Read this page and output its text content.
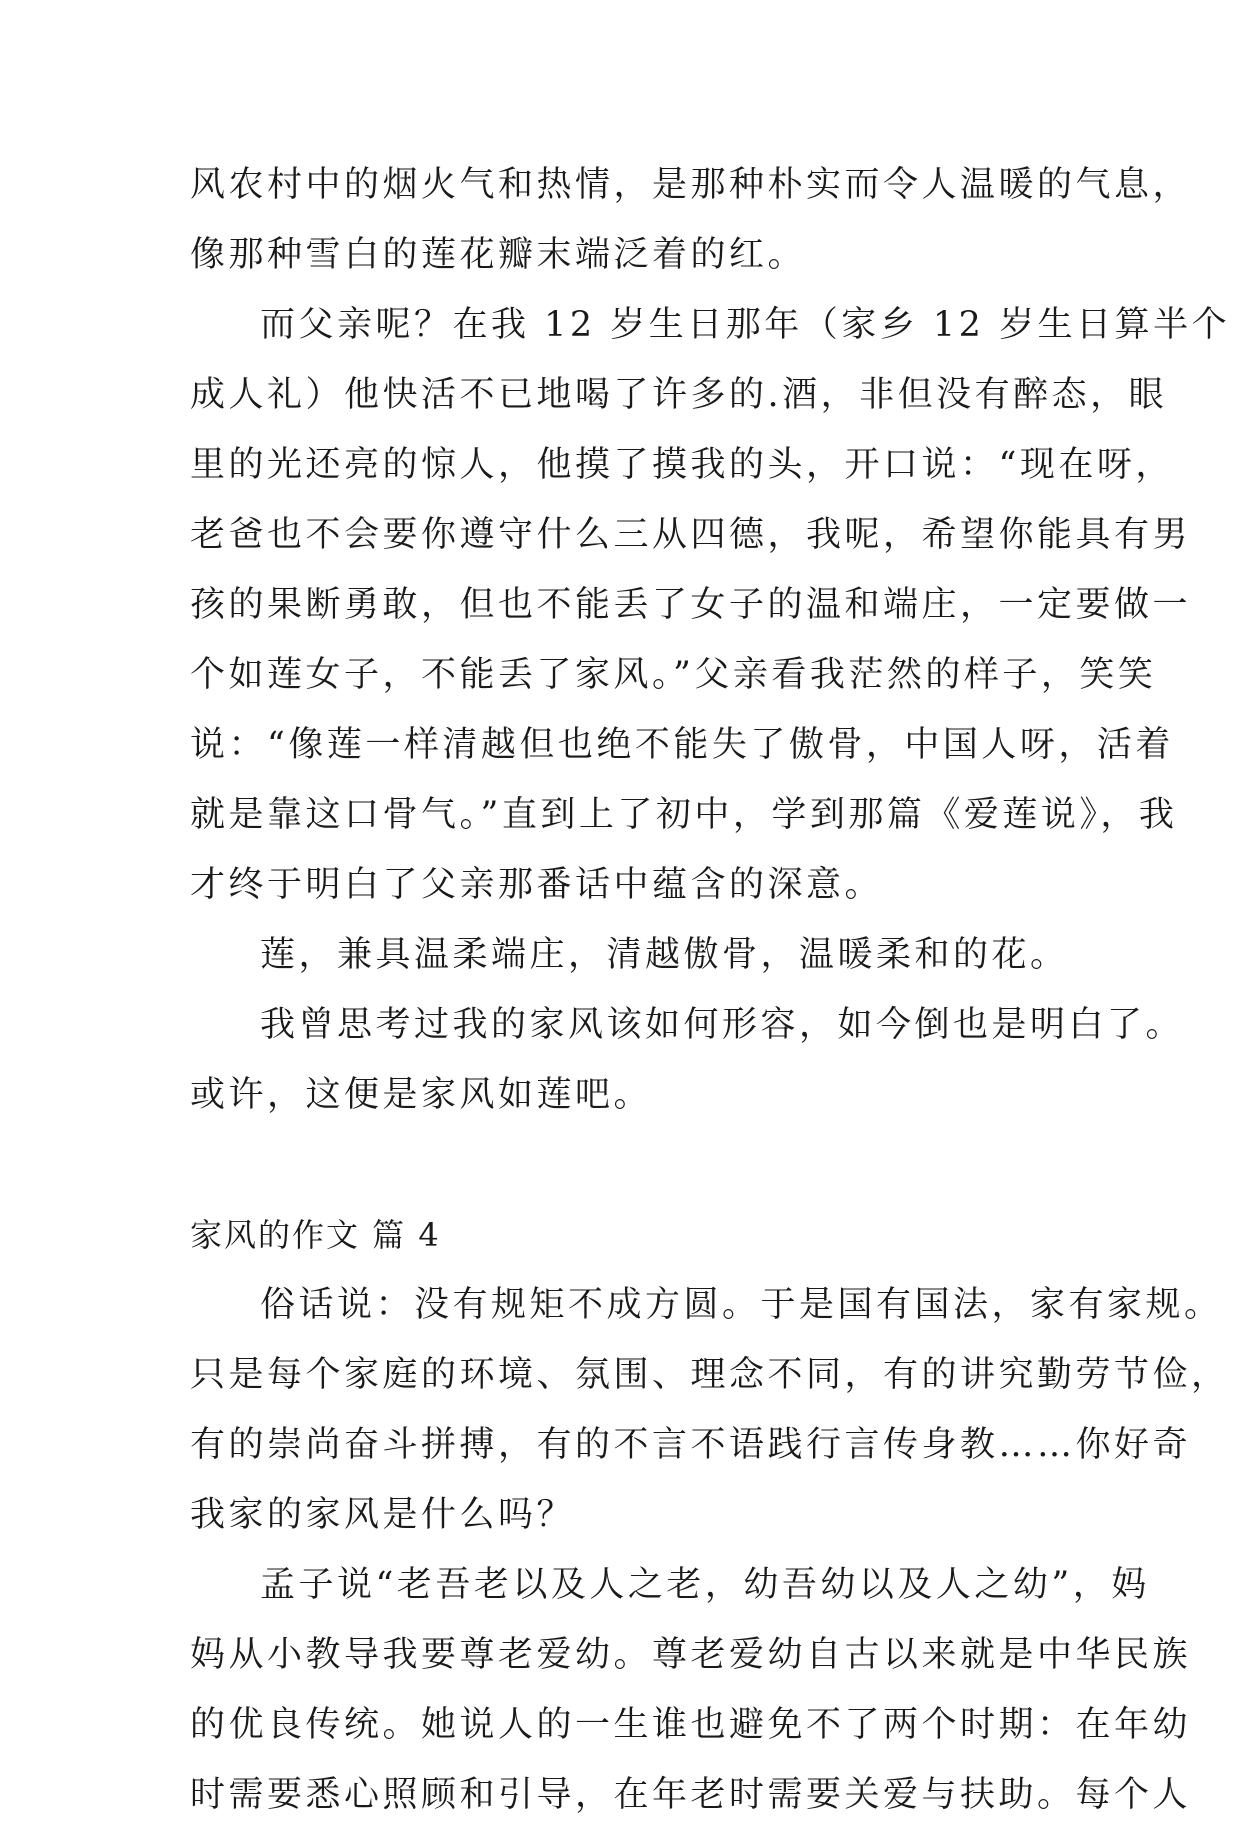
风农村中的烟火气和热情，是那种朴实而令人温暖的气息，
像那种雪白的莲花瓣末端泛着的红。
而父亲呢？在我 12 岁生日那年（家乡 12 岁生日算半个
成人礼）他快活不已地喝了许多的.酒，非但没有醉态，眼
里的光还亮的惊人，他摸了摸我的头，开口说：“现在呀，
老爸也不会要你遵守什么三从四德，我呢，希望你能具有男
孩的果断勇敢，但也不能丢了女子的温和端庄，一定要做一
个如莲女子，不能丢了家风。”父亲看我茫然的样子，笑笑
说：“像莲一样清越但也绝不能失了傲骨，中国人呀，活着
就是靠这口骨气。”直到上了初中，学到那篇《爱莲说》，我
才终于明白了父亲那番话中蕴含的深意。
莲，兼具温柔端庄，清越傲骨，温暖柔和的花。
我曾思考过我的家风该如何形容，如今倒也是明白了。
或许，这便是家风如莲吧。
家风的作文 篇 4
俗话说：没有规矩不成方圆。于是国有国法，家有家规。
只是每个家庭的环境、氛围、理念不同，有的讲究勤劳节俭，
有的崇尚奋斗拼搏，有的不言不语践行言传身教……你好奇
我家的家风是什么吗？
孟子说“老吾老以及人之老，幼吾幼以及人之幼”，妈
妈从小教导我要尊老爱幼。尊老爱幼自古以来就是中华民族
的优良传统。她说人的一生谁也避免不了两个时期：在年幼
时需要悉心照顾和引导，在年老时需要关爱与扶助。每个人
